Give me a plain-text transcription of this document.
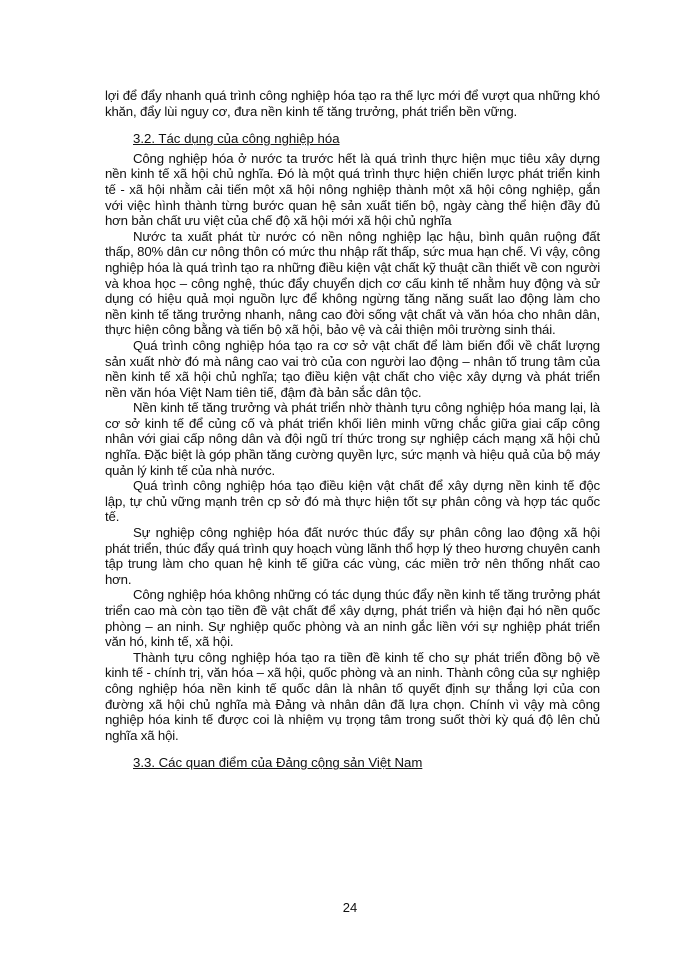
lợi để đẩy nhanh quá trình công nghiệp hóa tạo ra thế lực mới để vượt qua những khó khăn, đẩy lùi nguy cơ, đưa nền kinh tế tăng trưởng, phát triển bền vững.

3.2. Tác dụng của công nghiệp hóa

Công nghiệp hóa ở nước ta trước hết là quá trình thực hiện mục tiêu xây dựng nền kinh tế xã hội chủ nghĩa. Đó là một quá trình thực hiện chiến lược phát triển kinh tế - xã hội nhằm cải tiến một xã hội nông nghiệp thành một xã hội công nghiệp, gắn với việc hình thành từng bước quan hệ sản xuất tiến bộ, ngày càng thể hiện đầy đủ hơn bản chất ưu việt của chế độ xã hội mới xã hội chủ nghĩa

Nước ta xuất phát từ nước có nền nông nghiệp lạc hậu, bình quân ruộng đất thấp, 80% dân cư nông thôn có mức thu nhập rất thấp, sức mua hạn chế. Vì vậy, công nghiệp hóa là quá trình tạo ra những điều kiện vật chất kỹ thuật cần thiết về con người và khoa học – công nghệ, thúc đẩy chuyển dịch cơ cấu kinh tế nhằm huy động và sử dụng có hiệu quả mọi nguồn lực để không ngừng tăng năng suất lao động làm cho nền kinh tế tăng trưởng nhanh, nâng cao đời sống vật chất và văn hóa cho nhân dân, thực hiện công bằng và tiến bộ xã hội, bảo vệ và cải thiện môi trường sinh thái.

Quá trình công nghiệp hóa tạo ra cơ sở vật chất để làm biến đổi về chất lượng sản xuất nhờ đó mà nâng cao vai trò của con người lao động – nhân tố trung tâm của nền kinh tế xã hội chủ nghĩa; tạo điều kiện vật chất cho việc xây dựng và phát triển nền văn hóa Việt Nam tiên tiế, đậm đà bản sắc dân tộc.

Nền kinh tế tăng trưởng và phát triển nhờ thành tựu công nghiệp hóa mang lại, là cơ sở kinh tế để củng cố và phát triển khối liên minh vững chắc giữa giai cấp công nhân với giai cấp nông dân và đội ngũ trí thức trong sự nghiệp cách mạng xã hội chủ nghĩa. Đặc biệt là góp phần tăng cường quyền lực, sức mạnh và hiệu quả của bộ máy quản lý kinh tế của nhà nước.

Quá trình công nghiệp hóa tạo điều kiện vật chất để xây dựng nền kinh tế độc lập, tự chủ vững mạnh trên cp sở đó mà thực hiện tốt sự phân công và hợp tác quốc tế.

Sự nghiệp công nghiệp hóa đất nước thúc đẩy sự phân công lao động xã hội phát triển, thúc đẩy quá trình quy hoạch vùng lãnh thổ hợp lý theo hương chuyên canh tập trung làm cho quan hệ kinh tế giữa các vùng, các miền trở nên thống nhất cao hơn.

Công nghiệp hóa không những có tác dụng thúc đẩy nền kinh tế tăng trưởng phát triển cao mà còn tạo tiền đề vật chất để xây dựng, phát triển và hiện đại hó nền quốc phòng – an ninh. Sự nghiệp quốc phòng và an ninh gắc liền với sự nghiệp phát triển văn hó, kinh tế, xã hội.

Thành tựu công nghiệp hóa tạo ra tiền đề kinh tế cho sự phát triển đồng bộ về kinh tế - chính trị, văn hóa – xã hội, quốc phòng và an ninh. Thành công của sự nghiệp công nghiệp hóa nền kinh tế quốc dân là nhân tố quyết định sự thắng lợi của con đường xã hội chủ nghĩa mà Đảng và nhân dân đã lựa chọn. Chính vì vậy mà công nghiệp hóa kinh tế được coi là nhiệm vụ trọng tâm trong suốt thời kỳ quá độ lên chủ nghĩa xã hội.

3.3. Các quan điểm của Đảng cộng sản Việt Nam
24
